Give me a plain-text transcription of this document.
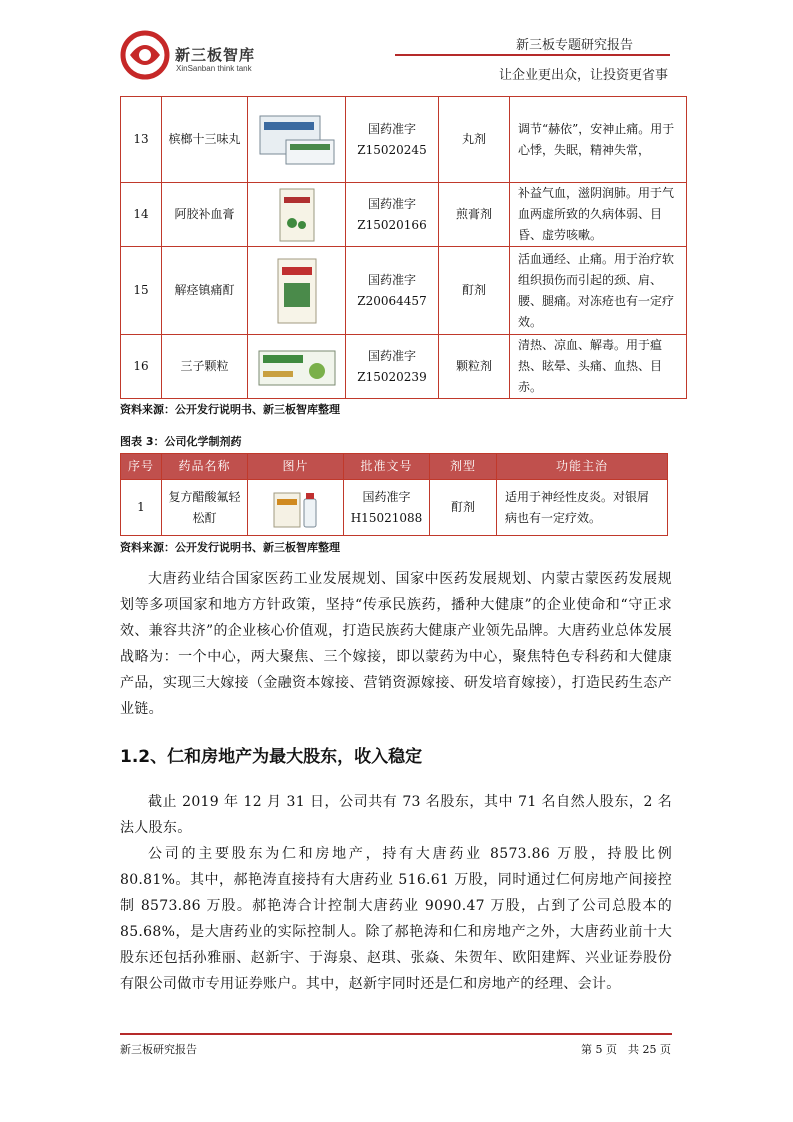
新三板智库
XinSanban think tank
新三板专题研究报告
让企业更出众，让投资更省事
13	槟榔十三味丸		国药准字
Z15020245	丸剂	调节“赫依”，安神止痛。用于心悸，失眠，精神失常，
14	阿胶补血膏		国药准字
Z15020166	煎膏剂	补益气血，滋阴润肺。用于气血两虚所致的久病体弱、目昏、虚劳咳嗽。
15	解痉镇痛酊		国药准字
Z20064457	酊剂	活血通经、止痛。用于治疗软组织损伤而引起的颈、肩、腰、腿痛。对冻疮也有一定疗效。
16	三子颗粒		国药准字
Z15020239	颗粒剂	清热、凉血、解毒。用于瘟热、眩晕、头痛、血热、目赤。
资料来源：公开发行说明书、新三板智库整理
图表 3：公司化学制剂药
序号	药品名称	图片	批准文号	剂型	功能主治
1	复方醋酸氟轻松酊		国药准字
H15021088	酊剂	适用于神经性皮炎。对银屑病也有一定疗效。
资料来源：公开发行说明书、新三板智库整理
大唐药业结合国家医药工业发展规划、国家中医药发展规划、内蒙古蒙医药发展规划等多项国家和地方方针政策，坚持“传承民族药，播种大健康”的企业使命和“守正求效、兼容共济”的企业核心价值观，打造民族药大健康产业领先品牌。大唐药业总体发展战略为：一个中心，两大聚焦、三个嫁接，即以蒙药为中心，聚焦特色专科药和大健康产品，实现三大嫁接（金融资本嫁接、营销资源嫁接、研发培育嫁接），打造民药生态产业链。
1.2、仁和房地产为最大股东，收入稳定
截止 2019 年 12 月 31 日，公司共有 73 名股东，其中 71 名自然人股东，2 名法人股东。
公司的主要股东为仁和房地产，持有大唐药业 8573.86 万股，持股比例 80.81%。其中，郝艳涛直接持有大唐药业 516.61 万股，同时通过仁何房地产间接控制 8573.86 万股。郝艳涛合计控制大唐药业 9090.47 万股，占到了公司总股本的 85.68%，是大唐药业的实际控制人。除了郝艳涛和仁和房地产之外，大唐药业前十大股东还包括孙雅丽、赵新宇、于海泉、赵琪、张焱、朱贺年、欧阳建辉、兴业证券股份有限公司做市专用证券账户。其中，赵新宇同时还是仁和房地产的经理、会计。
新三板研究报告	第 5 页　共 25 页
